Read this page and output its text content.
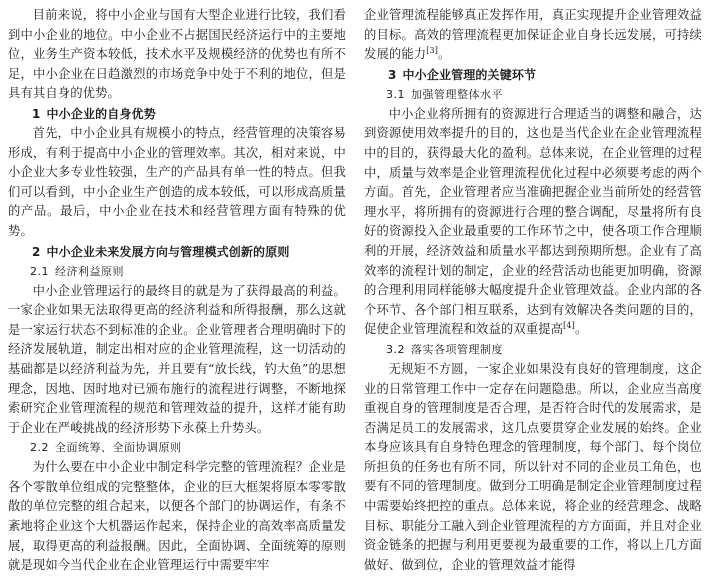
目前来说，将中小企业与国有大型企业进行比较，我们看到中小企业的地位。中小企业不占据国民经济运行中的主要地位，业务生产资本较低，技术水平及规模经济的优势也有所不足，中小企业在日趋激烈的市场竞争中处于不利的地位，但是具有其自身的优势。

1 中小企业的自身优势

首先，中小企业具有规模小的特点，经营管理的决策容易形成，有利于提高中小企业的管理效率。其次，相对来说，中小企业大多专业性较强，生产的产品具有单一性的特点。但我们可以看到，中小企业生产创造的成本较低，可以形成高质量的产品。最后，中小企业在技术和经营管理方面有特殊的优势。

2 中小企业未来发展方向与管理模式创新的原则
2.1 经济利益原则

中小企业管理运行的最终目的就是为了获得最高的利益。一家企业如果无法取得更高的经济利益和所得报酬，那么这就是一家运行状态不到标准的企业。企业管理者合理明确时下的经济发展轨道，制定出相对应的企业管理流程，这一切活动的基础都是以经济利益为先，并且要有“放长线，钓大鱼”的思想理念，因地、因时地对已颁布施行的流程进行调整，不断地探索研究企业管理流程的规范和管理效益的提升，这样才能有助于企业在严峻挑战的经济形势下永葆上升势头。

2.2 全面统筹、全面协调原则

为什么要在中小企业中制定科学完整的管理流程？企业是各个零散单位组成的完整整体，企业的巨大框架将原本零零散散的单位完整的组合起来，以便各个部门的协调运作，有条不紊地将企业这个大机器运作起来，保持企业的高效率高质量发展，取得更高的利益报酬。因此，全面协调、全面统筹的原则就是现如今当代企业在企业管理运行中需要牢牢

企业管理流程能够真正发挥作用，真正实现提升企业管理效益的目标。高效的管理流程更加保证企业自身长远发展，可持续发展的能力[3]。

3 中小企业管理的关键环节
3.1 加强管理整体水平

中小企业将所拥有的资源进行合理适当的调整和融合，达到资源使用效率提升的目的，这也是当代企业在企业管理流程中的目的，获得最大化的盈利。总体来说，在企业管理的过程中，质量与效率是企业管理流程优化过程中必须要考虑的两个方面。首先，企业管理者应当准确把握企业当前所处的经营管理水平，将所拥有的资源进行合理的整合调配，尽量将所有良好的资源投入企业最重要的工作环节之中，使各项工作合理顺利的开展，经济效益和质量水平都达到预期所想。企业有了高效率的流程计划的制定，企业的经营活动也能更加明确，资源的合理利用同样能够大幅度提升企业管理效益。企业内部的各个环节、各个部门相互联系，达到有效解决各类问题的目的，促使企业管理流程和效益的双重提高[4]。

3.2 落实各项管理制度

无规矩不方圆，一家企业如果没有良好的管理制度，这企业的日常管理工作中一定存在问题隐患。所以，企业应当高度重视自身的管理制度是否合理，是否符合时代的发展需求，是否满足员工的发展需求，这几点要贯穿企业发展的始终。企业本身应该具有自身特色理念的管理制度，每个部门、每个岗位所担负的任务也有所不同，所以针对不同的企业员工角色，也要有不同的管理制度。做到分工明确是制定企业管理制度过程中需要始终把控的重点。总体来说，将企业的经营理念、战略目标、职能分工融入到企业管理流程的方方面面，并且对企业资金链条的把握与利用更要视为最重要的工作，将以上几方面做好、做到位，企业的管理效益才能得
